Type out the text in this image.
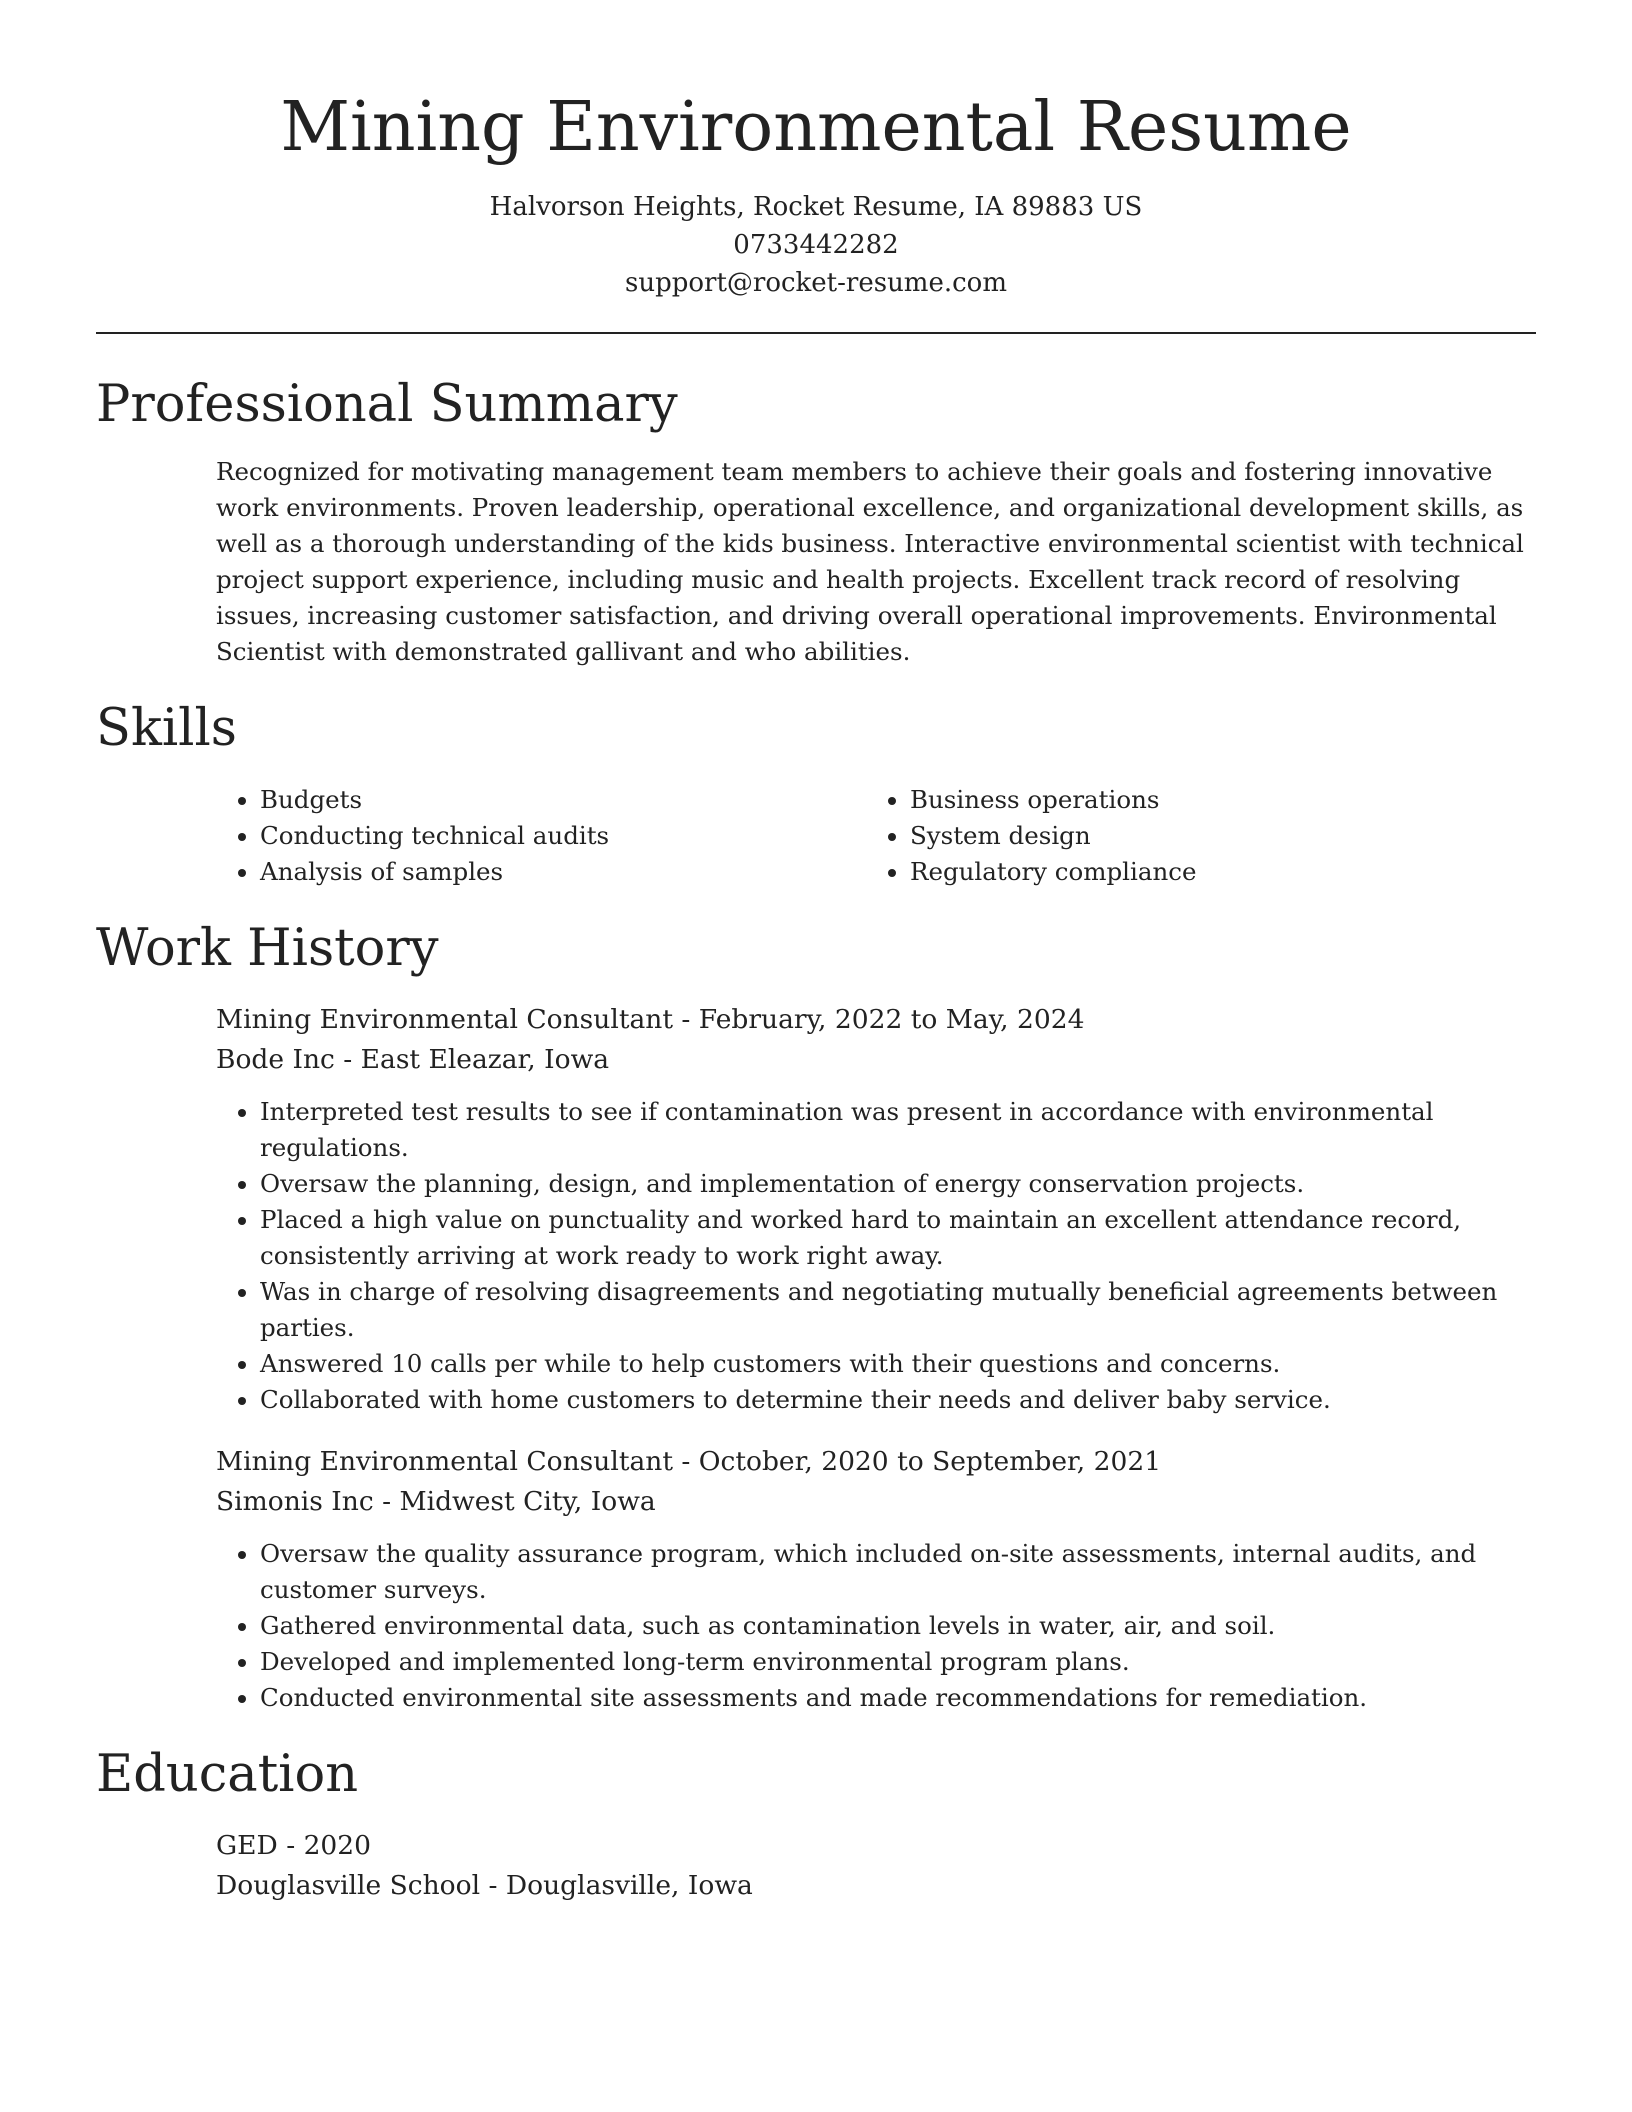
Mining Environmental Resume
Halvorson Heights, Rocket Resume, IA 89883 US
0733442282
support@rocket-resume.com
Professional Summary

Recognized for motivating management team members to achieve their goals and fostering innovative work environments. Proven leadership, operational excellence, and organizational development skills, as well as a thorough understanding of the kids business. Interactive environmental scientist with technical project support experience, including music and health projects. Excellent track record of resolving issues, increasing customer satisfaction, and driving overall operational improvements. Environmental Scientist with demonstrated gallivant and who abilities.

Skills
• Budgets
• Conducting technical audits
• Analysis of samples
• Business operations
• System design
• Regulatory compliance
Work History
Mining Environmental Consultant - February, 2022 to May, 2024
Bode Inc - East Eleazar, Iowa
• Interpreted test results to see if contamination was present in accordance with environmental regulations.
• Oversaw the planning, design, and implementation of energy conservation projects.
• Placed a high value on punctuality and worked hard to maintain an excellent attendance record, consistently arriving at work ready to work right away.
• Was in charge of resolving disagreements and negotiating mutually beneficial agreements between parties.
• Answered 10 calls per while to help customers with their questions and concerns.
• Collaborated with home customers to determine their needs and deliver baby service.
Mining Environmental Consultant - October, 2020 to September, 2021
Simonis Inc - Midwest City, Iowa
• Oversaw the quality assurance program, which included on-site assessments, internal audits, and customer surveys.
• Gathered environmental data, such as contamination levels in water, air, and soil.
• Developed and implemented long-term environmental program plans.
• Conducted environmental site assessments and made recommendations for remediation.
Education
GED - 2020
Douglasville School - Douglasville, Iowa
